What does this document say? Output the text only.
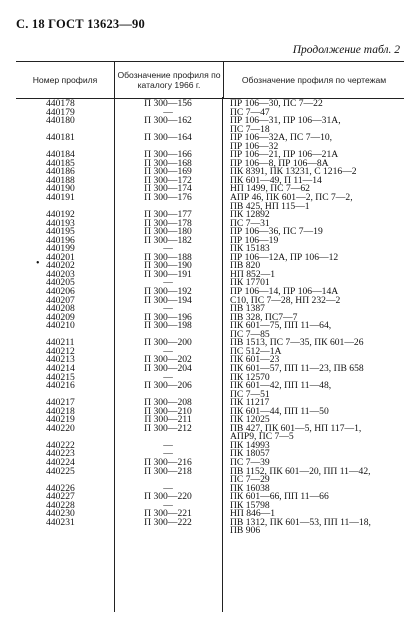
С. 18 ГОСТ 13623—90
Продолжение табл. 2
Номер профиля	Обозначение профиля по каталогу 1966 г.	Обозначение профиля по чертежам
•
440178	П 300—156	ПР 106—30, ПС 7—22
440179	—	ПС 7—47
440180	П 300—162	ПР 106—31, ПР 106—31А,
ПС 7—18
440181	П 300—164	ПР 106—32А, ПС 7—10,
ПР 106—32
440184	П 300—166	ПР 106—21, ПР 106—21А
440185	П 300—168	ПР 106—8, ПР 106—8А
440186	П 300—169	ПК 8391, ПК 13231, С 1216—2
440188	П 300—172	ПК 601—49, П 11—14
440190	П 300—174	НП 1499, ПС 7—62
440191	П 300—176	АПР 46, ПК 601—2, ПС 7—2,
ПВ 425, НП 115—1
440192	П 300—177	ПК 12892
440193	П 300—178	ПС 7—31
440195	П 300—180	ПР 106—36, ПС 7—19
440196	П 300—182	ПР 106—19
440199	—	ПК 15183
440201	П 300—188	ПР 106—12А, ПР 106—12
440202	П 300—190	ПВ 820
440203	П 300—191	НП 852—1
440205	—	ПК 17701
440206	П 300—192	ПР 106—14, ПР 106—14А
440207	П 300—194	С10, ПС 7—28, НП 232—2
440208	—	ПВ 1387
440209	П 300—196	ПВ 328, ПС7—7
440210	П 300—198	ПК 601—75, ПП 11—64,
ПС 7—85
440211	П 300—200	ПВ 1513, ПС 7—35, ПК 601—26
440212	—	ПС 512—1А
440213	П 300—202	ПК 601—23
440214	П 300—204	ПК 601—57, ПП 11—23, ПВ 658
440215	—	ПК 12570
440216	П 300—206	ПК 601—42, ПП 11—48,
ПС 7—51
440217	П 300—208	ПК 11217
440218	П 300—210	ПК 601—44, ПП 11—50
440219	П 300—211	ПК 12025
440220	П 300—212	ПВ 427, ПК 601—5, НП 117—1,
АПР9, ПС 7—5
440222	—	ПК 14993
440223	—	ПК 18057
440224	П 300—216	ПС 7—39
440225	П 300—218	ПВ 1152, ПК 601—20, ПП 11—42,
ПС 7—29
440226	—	ПК 16038
440227	П 300—220	ПК 601—66, ПП 11—66
440228	—	ПК 15798
440230	П 300—221	НП 846—1
440231	П 300—222	ПВ 1312, ПК 601—53, ПП 11—18,
ПВ 906
